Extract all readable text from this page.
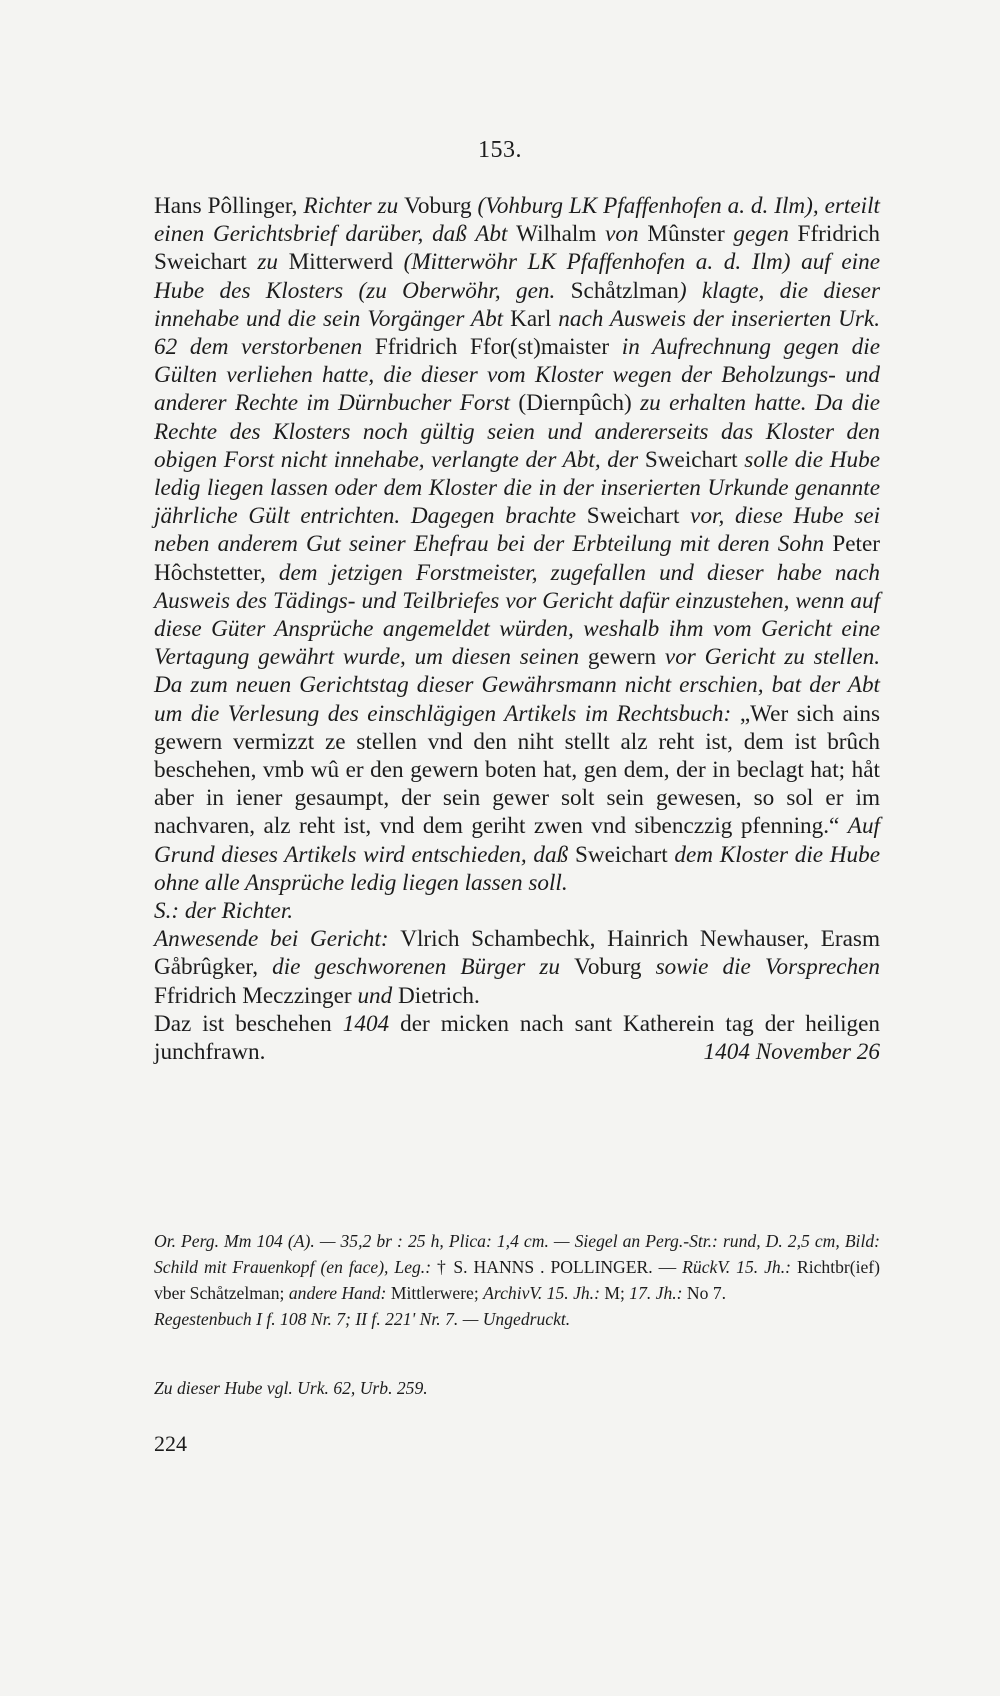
153.

Hans Pôllinger, Richter zu Voburg (Vohburg LK Pfaffenhofen a. d. Ilm), erteilt einen Gerichtsbrief darüber, daß Abt Wilhalm von Mûnster gegen Ffridrich Sweichart zu Mitterwerd (Mitterwöhr LK Pfaffenhofen a. d. Ilm) auf eine Hube des Klosters (zu Oberwöhr, gen. Schåtzlman) klagte, die dieser innehabe und die sein Vorgänger Abt Karl nach Ausweis der inserierten Urk. 62 dem verstorbenen Ffridrich Ffor(st)maister in Aufrechnung gegen die Gülten verliehen hatte, die dieser vom Kloster wegen der Beholzungs- und anderer Rechte im Dürnbucher Forst (Diernpûch) zu erhalten hatte. Da die Rechte des Klosters noch gültig seien und andererseits das Kloster den obigen Forst nicht innehabe, verlangte der Abt, der Sweichart solle die Hube ledig liegen lassen oder dem Kloster die in der inserierten Urkunde genannte jährliche Gült entrichten. Dagegen brachte Sweichart vor, diese Hube sei neben anderem Gut seiner Ehefrau bei der Erbteilung mit deren Sohn Peter Hôchstetter, dem jetzigen Forstmeister, zugefallen und dieser habe nach Ausweis des Tädings- und Teilbriefes vor Gericht dafür einzustehen, wenn auf diese Güter Ansprüche angemeldet würden, weshalb ihm vom Gericht eine Vertagung gewährt wurde, um diesen seinen gewern vor Gericht zu stellen. Da zum neuen Gerichtstag dieser Gewährsmann nicht erschien, bat der Abt um die Verlesung des einschlägigen Artikels im Rechtsbuch: „Wer sich ains gewern vermizzt ze stellen vnd den niht stellt alz reht ist, dem ist brûch beschehen, vmb wû er den gewern boten hat, gen dem, der in beclagt hat; håt aber in iener gesaumpt, der sein gewer solt sein gewesen, so sol er im nachvaren, alz reht ist, vnd dem geriht zwen vnd sibenczzig pfenning.“ Auf Grund dieses Artikels wird entschieden, daß Sweichart dem Kloster die Hube ohne alle Ansprüche ledig liegen lassen soll.

S.: der Richter.

Anwesende bei Gericht: Vlrich Schambechk, Hainrich Newhauser, Erasm Gåbrûgker, die geschworenen Bürger zu Voburg sowie die Vorsprechen Ffridrich Meczzinger und Dietrich.

Daz ist beschehen 1404 der micken nach sant Katherein tag der heiligen junchfrawn.	1404 November 26

Or. Perg. Mm 104 (A). — 35,2 br : 25 h, Plica: 1,4 cm. — Siegel an Perg.-Str.: rund, D. 2,5 cm, Bild: Schild mit Frauenkopf (en face), Leg.: † S. HANNS . POLLINGER. — RückV. 15. Jh.: Richtbr(ief) vber Schåtzelman; andere Hand: Mittlerwere; ArchivV. 15. Jh.: M; 17. Jh.: No 7.

Regestenbuch I f. 108 Nr. 7; II f. 221' Nr. 7. — Ungedruckt.

Zu dieser Hube vgl. Urk. 62, Urb. 259.
224
